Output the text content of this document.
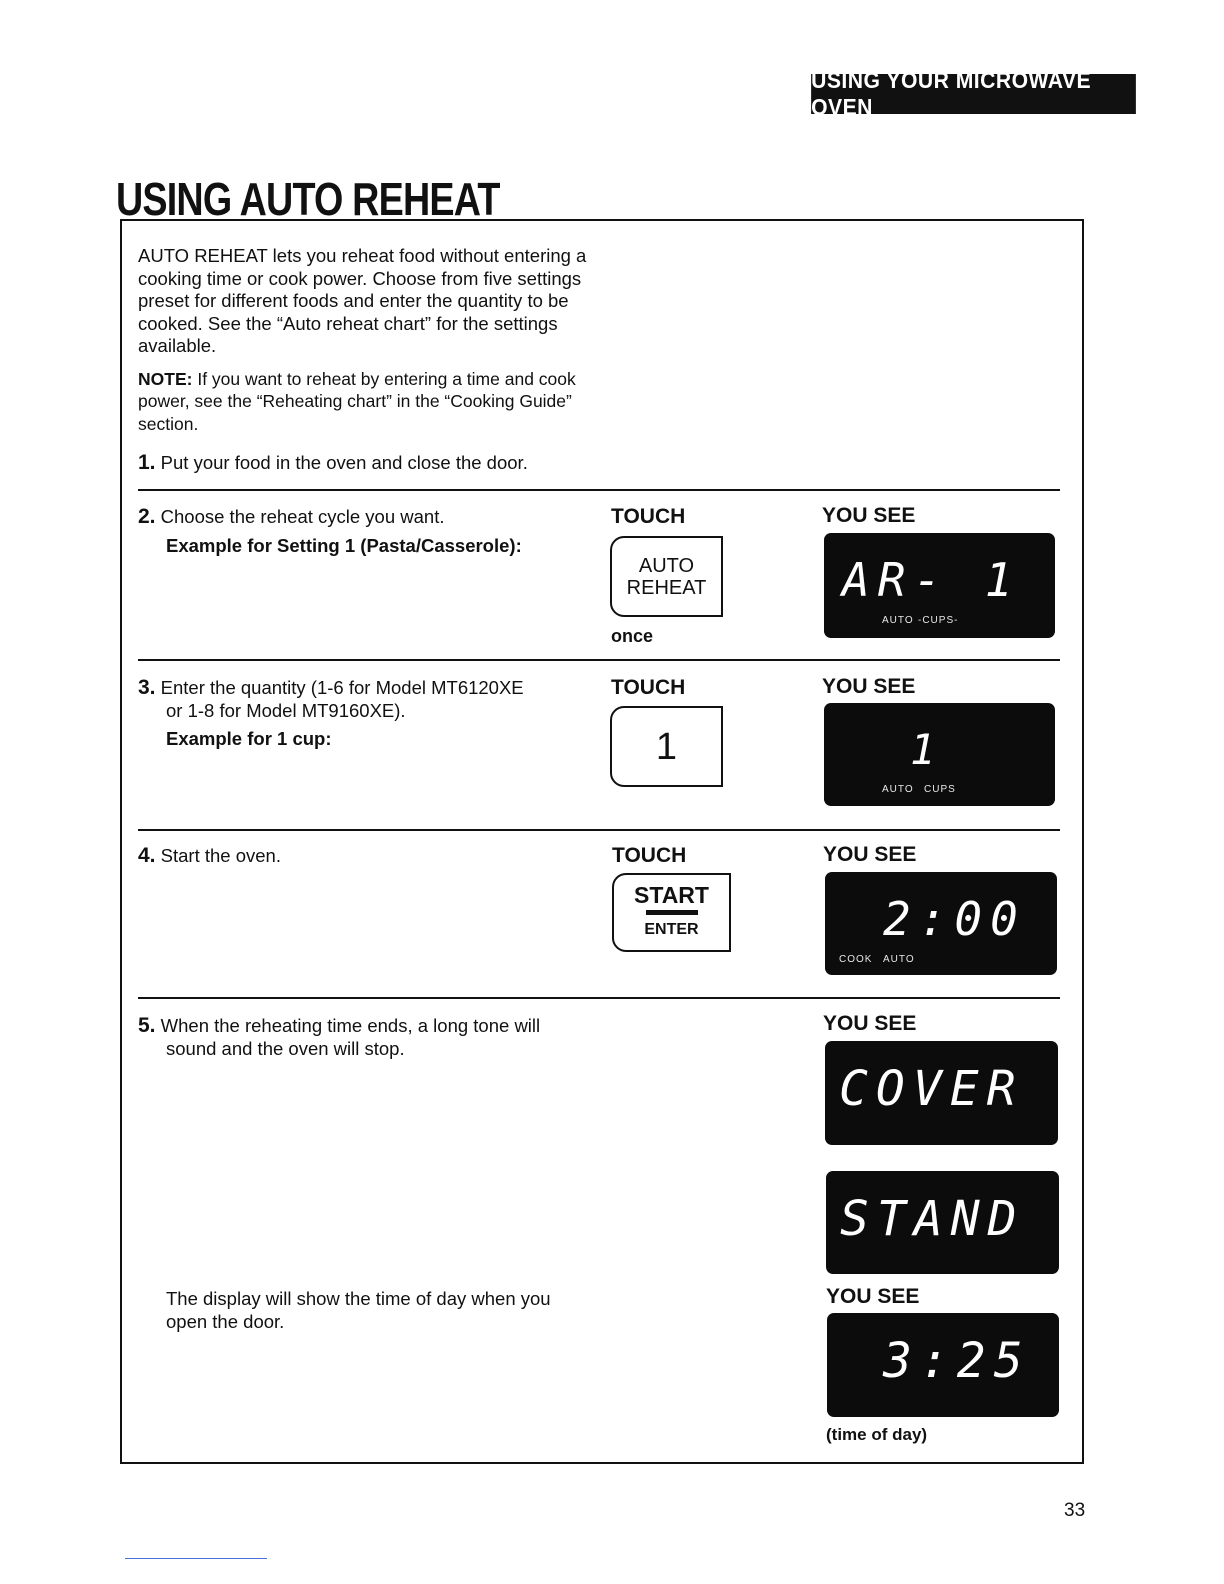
USING YOUR MICROWAVE OVEN
USING AUTO REHEAT

AUTO REHEAT lets you reheat food without entering a cooking time or cook power. Choose from five settings preset for different foods and enter the quantity to be cooked. See the “Auto reheat chart” for the settings available.

NOTE: If you want to reheat by entering a time and cook power, see the “Reheating chart” in the “Cooking Guide” section.

1. Put your food in the oven and close the door.
2. Choose the reheat cycle you want.
Example for Setting 1 (Pasta/Casserole):
TOUCH	YOU SEE
AUTO
REHEAT
once
AR- 1
AUTO -CUPS-
3. Enter the quantity (1-6 for Model MT6120XE
or 1-8 for Model MT9160XE).
Example for 1 cup:
TOUCH	YOU SEE
1	1
AUTO CUPS
4. Start the oven.	TOUCH	YOU SEE
START
ENTER	2:00
COOK AUTO
5. When the reheating time ends, a long tone will
sound and the oven will stop.
YOU SEE
COVER
STAND
The display will show the time of day when you
open the door.
YOU SEE
3:25
(time of day)
33
